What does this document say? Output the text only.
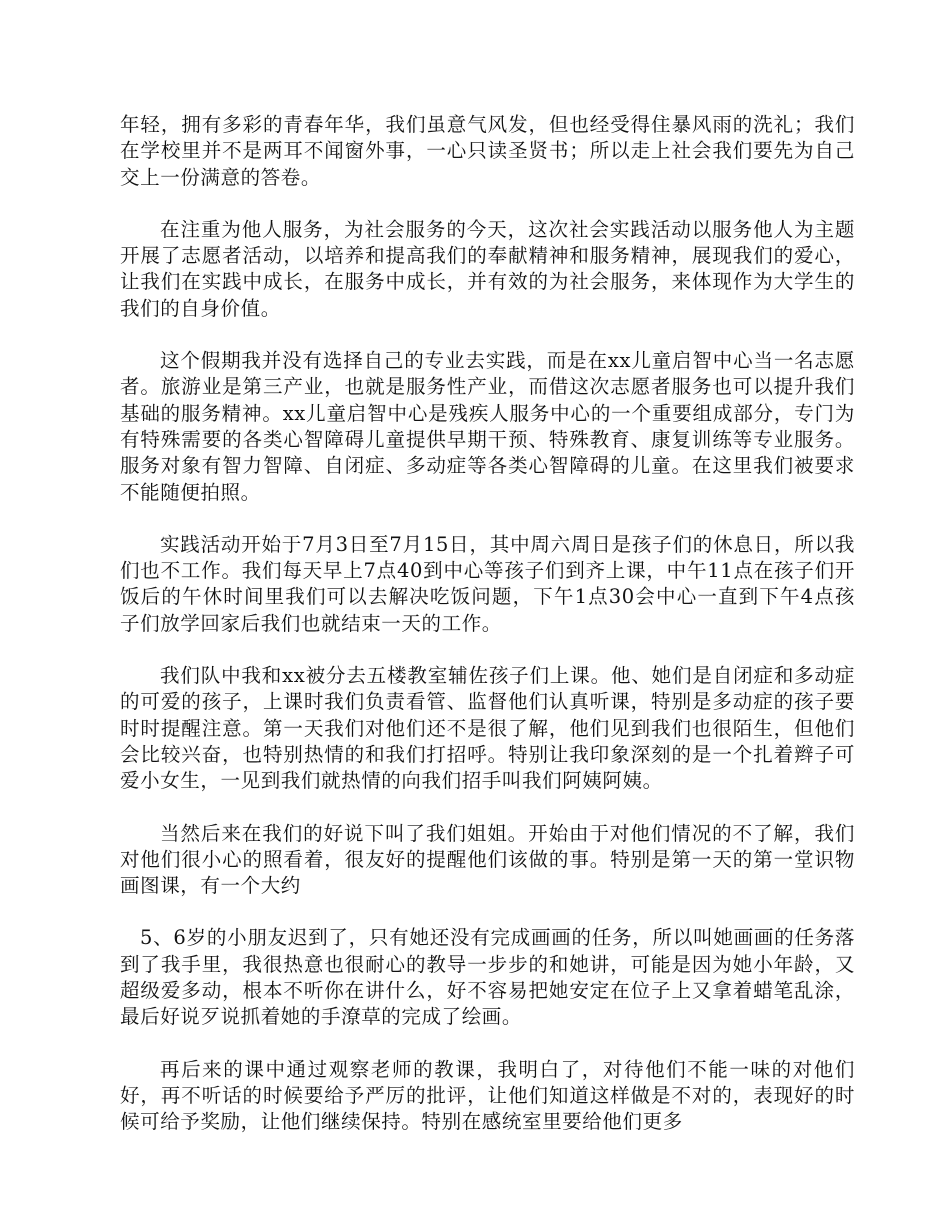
年轻，拥有多彩的青春年华，我们虽意气风发，但也经受得住暴风雨的洗礼；我们在学校里并不是两耳不闻窗外事，一心只读圣贤书；所以走上社会我们要先为自己交上一份满意的答卷。

在注重为他人服务，为社会服务的今天，这次社会实践活动以服务他人为主题开展了志愿者活动，以培养和提高我们的奉献精神和服务精神，展现我们的爱心，让我们在实践中成长，在服务中成长，并有效的为社会服务，来体现作为大学生的我们的自身价值。

这个假期我并没有选择自己的专业去实践，而是在xx儿童启智中心当一名志愿者。旅游业是第三产业，也就是服务性产业，而借这次志愿者服务也可以提升我们基础的服务精神。xx儿童启智中心是残疾人服务中心的一个重要组成部分，专门为有特殊需要的各类心智障碍儿童提供早期干预、特殊教育、康复训练等专业服务。服务对象有智力智障、自闭症、多动症等各类心智障碍的儿童。在这里我们被要求不能随便拍照。

实践活动开始于7月3日至7月15日，其中周六周日是孩子们的休息日，所以我们也不工作。我们每天早上7点40到中心等孩子们到齐上课，中午11点在孩子们开饭后的午休时间里我们可以去解决吃饭问题，下午1点30会中心一直到下午4点孩子们放学回家后我们也就结束一天的工作。

我们队中我和xx被分去五楼教室辅佐孩子们上课。他、她们是自闭症和多动症的可爱的孩子，上课时我们负责看管、监督他们认真听课，特别是多动症的孩子要时时提醒注意。第一天我们对他们还不是很了解，他们见到我们也很陌生，但他们会比较兴奋，也特别热情的和我们打招呼。特别让我印象深刻的是一个扎着辫子可爱小女生，一见到我们就热情的向我们招手叫我们阿姨阿姨。

当然后来在我们的好说下叫了我们姐姐。开始由于对他们情况的不了解，我们对他们很小心的照看着，很友好的提醒他们该做的事。特别是第一天的第一堂识物画图课，有一个大约

5、6岁的小朋友迟到了，只有她还没有完成画画的任务，所以叫她画画的任务落到了我手里，我很热意也很耐心的教导一步步的和她讲，可能是因为她小年龄，又超级爱多动，根本不听你在讲什么，好不容易把她安定在位子上又拿着蜡笔乱涂，最后好说歹说抓着她的手潦草的完成了绘画。

再后来的课中通过观察老师的教课，我明白了，对待他们不能一味的对他们好，再不听话的时候要给予严厉的批评，让他们知道这样做是不对的，表现好的时候可给予奖励，让他们继续保持。特别在感统室里要给他们更多
